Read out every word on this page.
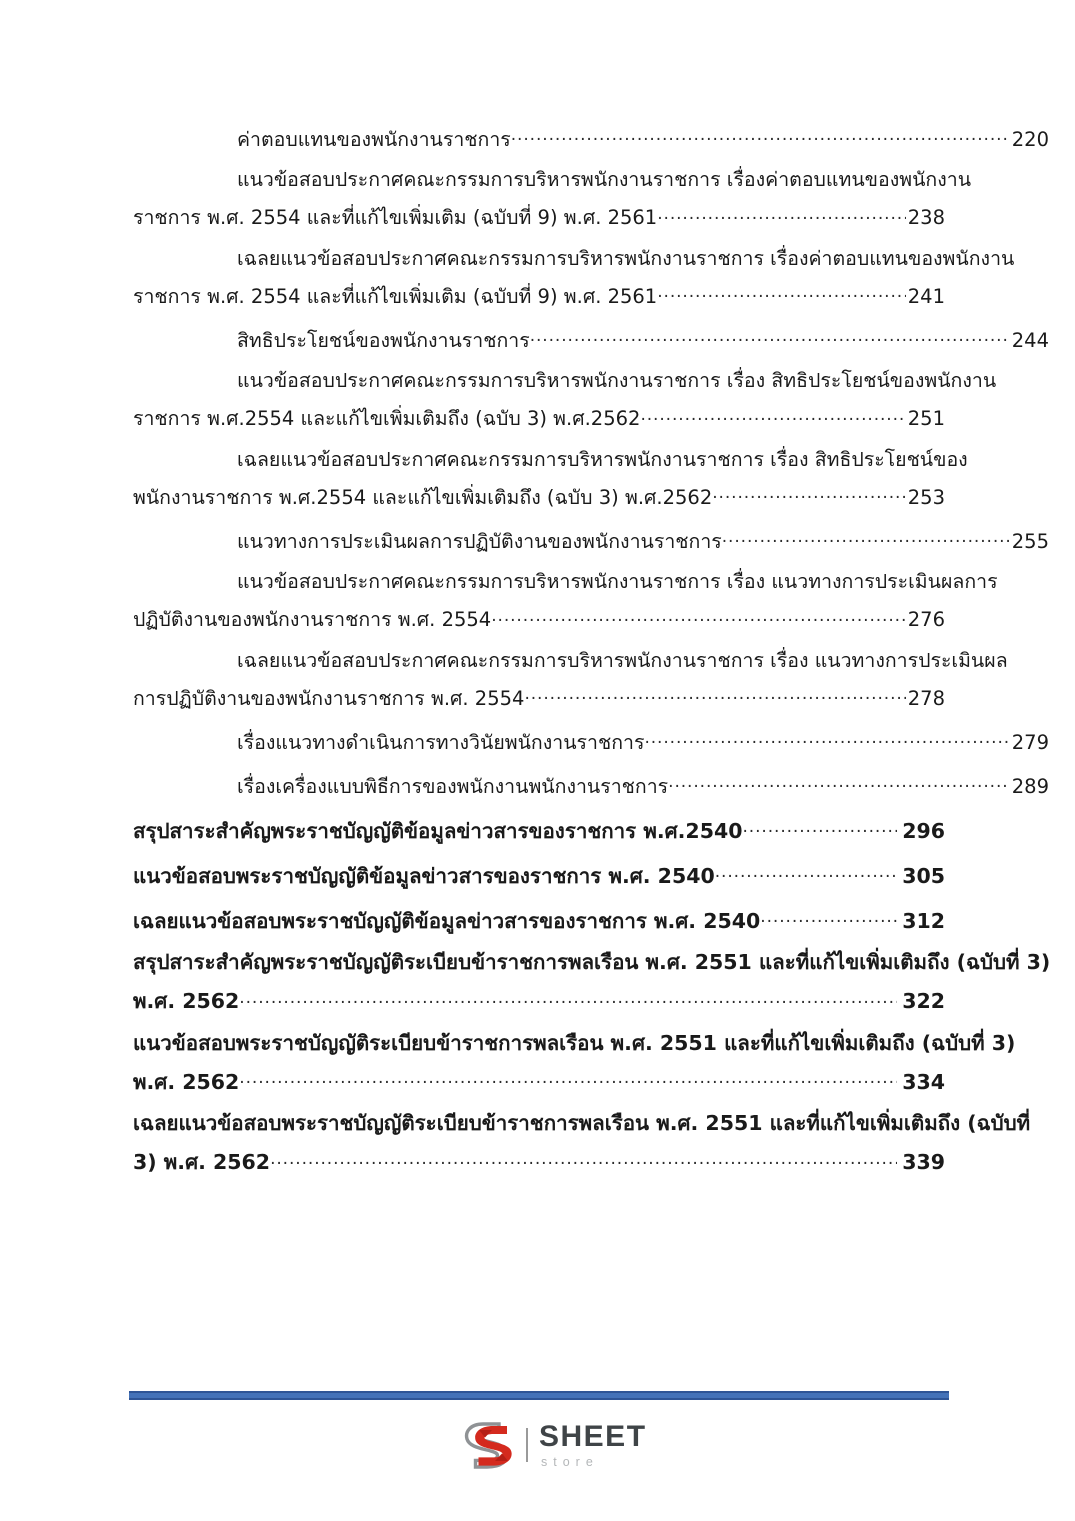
ค่าตอบแทนของพนักงานราชการ .....	220
แนวข้อสอบประกาศคณะกรรมการบริหารพนักงานราชการ เรื่องค่าตอบแทนของพนักงาน
ราชการ พ.ศ. 2554 และที่แก้ไขเพิ่มเติม (ฉบับที่ 9) พ.ศ. 2561 .....	238
เฉลยแนวข้อสอบประกาศคณะกรรมการบริหารพนักงานราชการ เรื่องค่าตอบแทนของพนักงาน
ราชการ พ.ศ. 2554 และที่แก้ไขเพิ่มเติม (ฉบับที่ 9) พ.ศ. 2561 .....	241
สิทธิประโยชน์ของพนักงานราชการ .....	244
แนวข้อสอบประกาศคณะกรรมการบริหารพนักงานราชการ เรื่อง สิทธิประโยชน์ของพนักงาน
ราชการ พ.ศ.2554 และแก้ไขเพิ่มเติมถึง (ฉบับ 3) พ.ศ.2562 .....	251
เฉลยแนวข้อสอบประกาศคณะกรรมการบริหารพนักงานราชการ เรื่อง สิทธิประโยชน์ของ
พนักงานราชการ พ.ศ.2554 และแก้ไขเพิ่มเติมถึง (ฉบับ 3) พ.ศ.2562 .....	253
แนวทางการประเมินผลการปฏิบัติงานของพนักงานราชการ .....	255
แนวข้อสอบประกาศคณะกรรมการบริหารพนักงานราชการ เรื่อง แนวทางการประเมินผลการ
ปฏิบัติงานของพนักงานราชการ พ.ศ. 2554 .....	276
เฉลยแนวข้อสอบประกาศคณะกรรมการบริหารพนักงานราชการ เรื่อง แนวทางการประเมินผล
การปฏิบัติงานของพนักงานราชการ พ.ศ. 2554 .....	278
เรื่องแนวทางดำเนินการทางวินัยพนักงานราชการ .....	279
เรื่องเครื่องแบบพิธีการของพนักงานพนักงานราชการ .....	289
สรุปสาระสำคัญพระราชบัญญัติข้อมูลข่าวสารของราชการ พ.ศ.2540 .....	296
แนวข้อสอบพระราชบัญญัติข้อมูลข่าวสารของราชการ พ.ศ. 2540 .....	305
เฉลยแนวข้อสอบพระราชบัญญัติข้อมูลข่าวสารของราชการ พ.ศ. 2540 .....	312
สรุปสาระสำคัญพระราชบัญญัติระเบียบข้าราชการพลเรือน พ.ศ. 2551 และที่แก้ไขเพิ่มเติมถึง (ฉบับที่ 3)
พ.ศ. 2562 .....	322
แนวข้อสอบพระราชบัญญัติระเบียบข้าราชการพลเรือน พ.ศ. 2551 และที่แก้ไขเพิ่มเติมถึง (ฉบับที่ 3)
พ.ศ. 2562 .....	334
เฉลยแนวข้อสอบพระราชบัญญัติระเบียบข้าราชการพลเรือน พ.ศ. 2551 และที่แก้ไขเพิ่มเติมถึง (ฉบับที่
3) พ.ศ. 2562 .....	339
SHEET
store
